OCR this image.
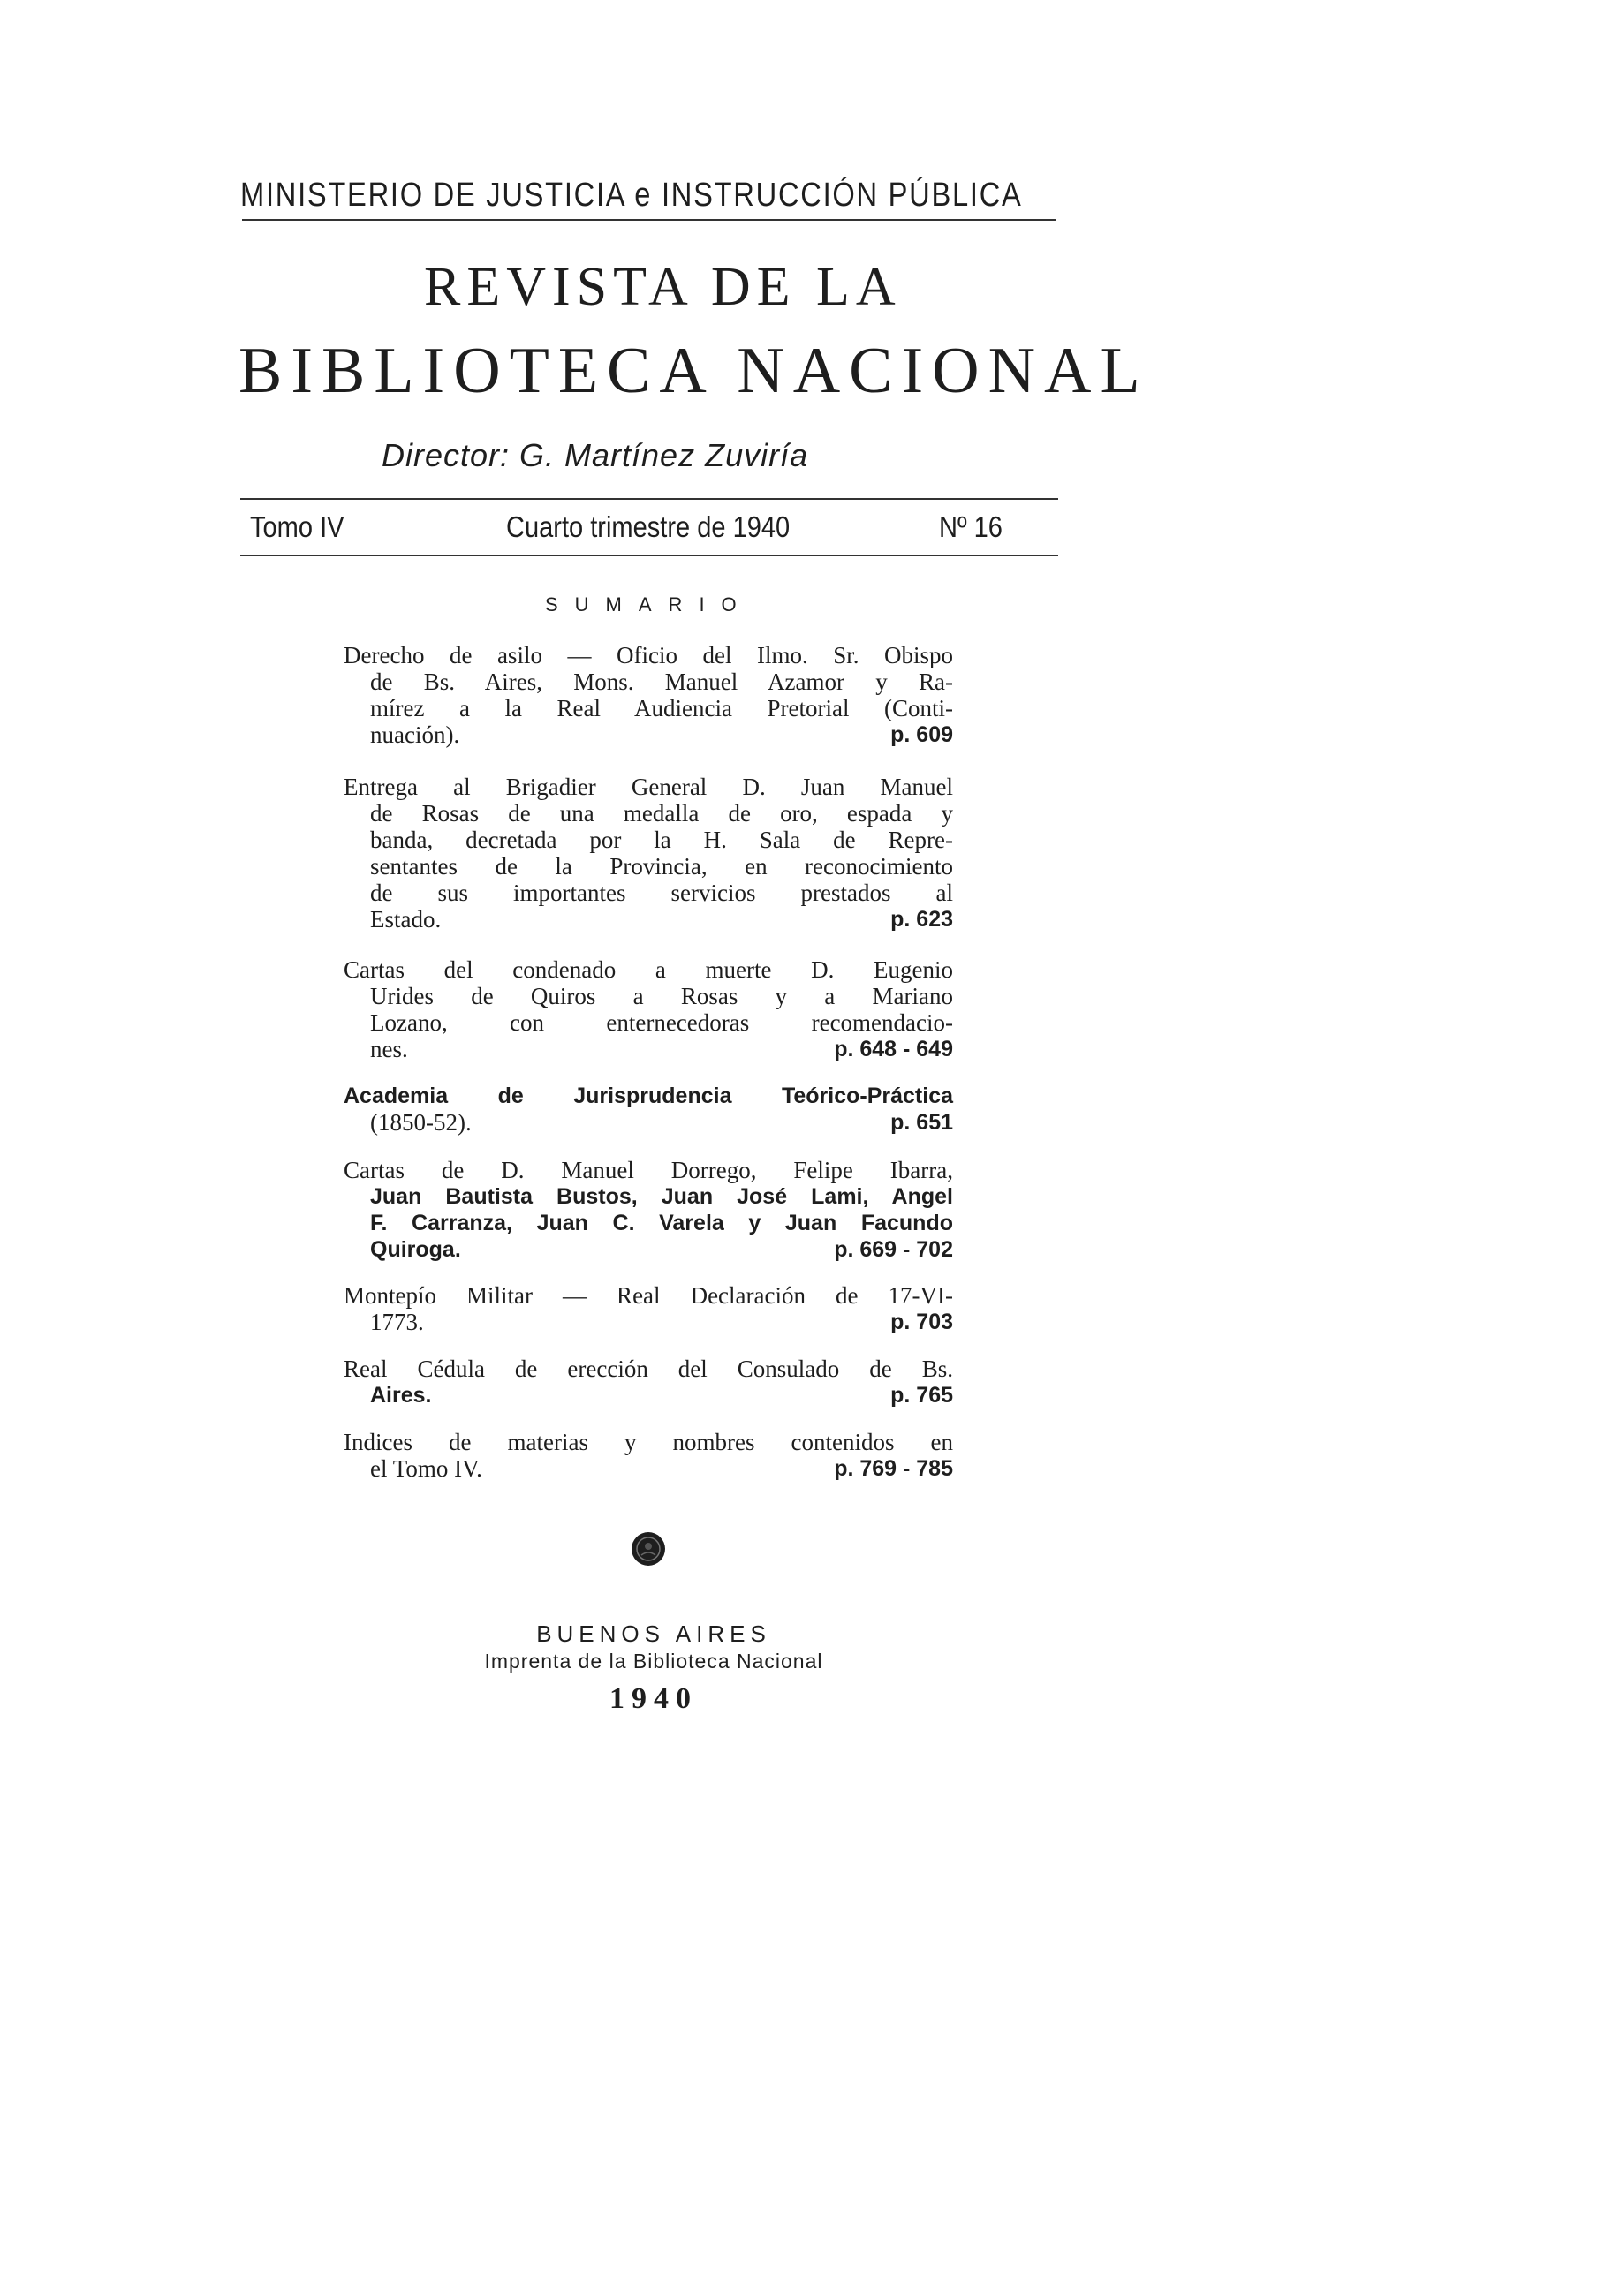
MINISTERIO DE JUSTICIA e INSTRUCCIÓN PÚBLICA
REVISTA DE LA
BIBLIOTECA NACIONAL
Director: G. Martínez Zuviría
Tomo IV	Cuarto trimestre de 1940	Nº 16
SUMARIO
Derecho de asilo — Oficio del Ilmo. Sr. Obispo
de Bs. Aires, Mons. Manuel Azamor y Ra-
mírez a la Real Audiencia Pretorial (Conti-
nuación).	p. 609
Entrega al Brigadier General D. Juan Manuel
de Rosas de una medalla de oro, espada y
banda, decretada por la H. Sala de Repre-
sentantes de la Provincia, en reconocimiento
de sus importantes servicios prestados al
Estado.	p. 623
Cartas del condenado a muerte D. Eugenio
Urides de Quiros a Rosas y a Mariano
Lozano, con enternecedoras recomendacio-
nes.	p. 648 - 649
Academia de Jurisprudencia Teórico-Práctica
(1850-52).	p. 651
Cartas de D. Manuel Dorrego, Felipe Ibarra,
Juan Bautista Bustos, Juan José Lami, Angel
F. Carranza, Juan C. Varela y Juan Facundo
Quiroga.	p. 669 - 702
Montepío Militar — Real Declaración de 17-VI-
1773.	p. 703
Real Cédula de erección del Consulado de Bs.
Aires.	p. 765
Indices de materias y nombres contenidos en
el Tomo IV.	p. 769 - 785
BUENOS AIRES
Imprenta de la Biblioteca Nacional
1940
